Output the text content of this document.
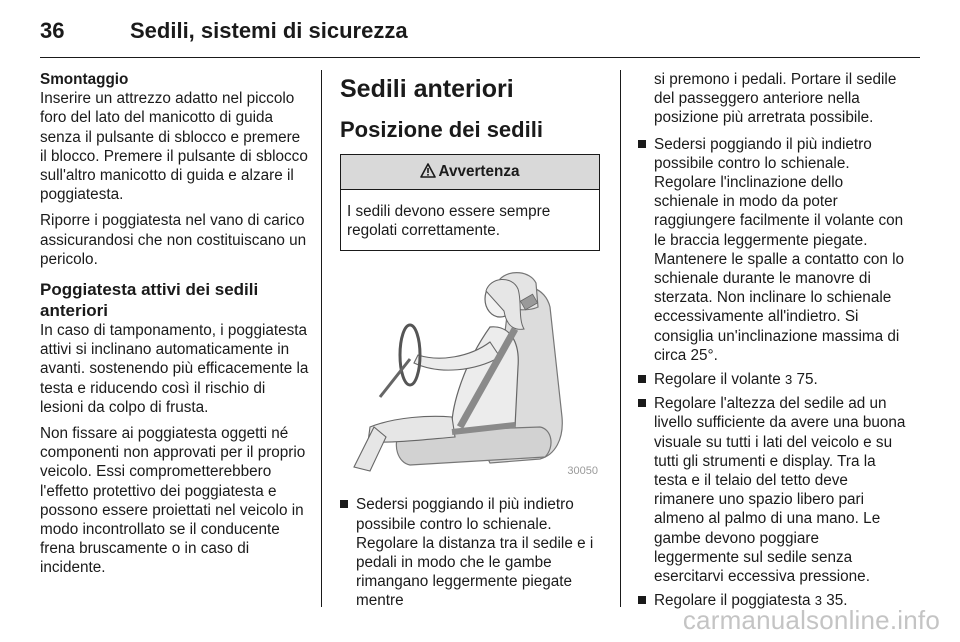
36	Sedili, sistemi di sicurezza
Smontaggio

Inserire un attrezzo adatto nel piccolo foro del lato del manicotto di guida senza il pulsante di sblocco e premere il blocco. Premere il pulsante di sblocco sull'altro manicotto di guida e alzare il poggiatesta.

Riporre i poggiatesta nel vano di carico assicurandosi che non costituiscano un pericolo.

Poggiatesta attivi dei sedili anteriori

In caso di tamponamento, i poggiatesta attivi si inclinano automaticamente in avanti. sostenendo più efficacemente la testa e riducendo così il rischio di lesioni da colpo di frusta.

Non fissare ai poggiatesta oggetti né componenti non approvati per il proprio veicolo. Essi comprometterebbero l'effetto protettivo dei poggiatesta e possono essere proiettati nel veicolo in modo incontrollato se il conducente frena bruscamente o in caso di incidente.

Sedili anteriori
Posizione dei sedili
Avvertenza
I sedili devono essere sempre regolati correttamente.
30050
Sedersi poggiando il più indietro possibile contro lo schienale. Regolare la distanza tra il sedile e i pedali in modo che le gambe rimangano leggermente piegate mentre

si premono i pedali. Portare il sedile del passeggero anteriore nella posizione più arretrata possibile.

Sedersi poggiando il più indietro possibile contro lo schienale. Regolare l'inclinazione dello schienale in modo da poter raggiungere facilmente il volante con le braccia leggermente piegate. Mantenere le spalle a contatto con lo schienale durante le manovre di sterzata. Non inclinare lo schienale eccessivamente all'indietro. Si consiglia un'inclinazione massima di circa 25°.
Regolare il volante 3 75.
Regolare l'altezza del sedile ad un livello sufficiente da avere una buona visuale su tutti i lati del veicolo e su tutti gli strumenti e display. Tra la testa e il telaio del tetto deve rimanere uno spazio libero pari almeno al palmo di una mano. Le gambe devono poggiare leggermente sul sedile senza esercitarvi eccessiva pressione.
Regolare il poggiatesta 3 35.
carmanualsonline.info
